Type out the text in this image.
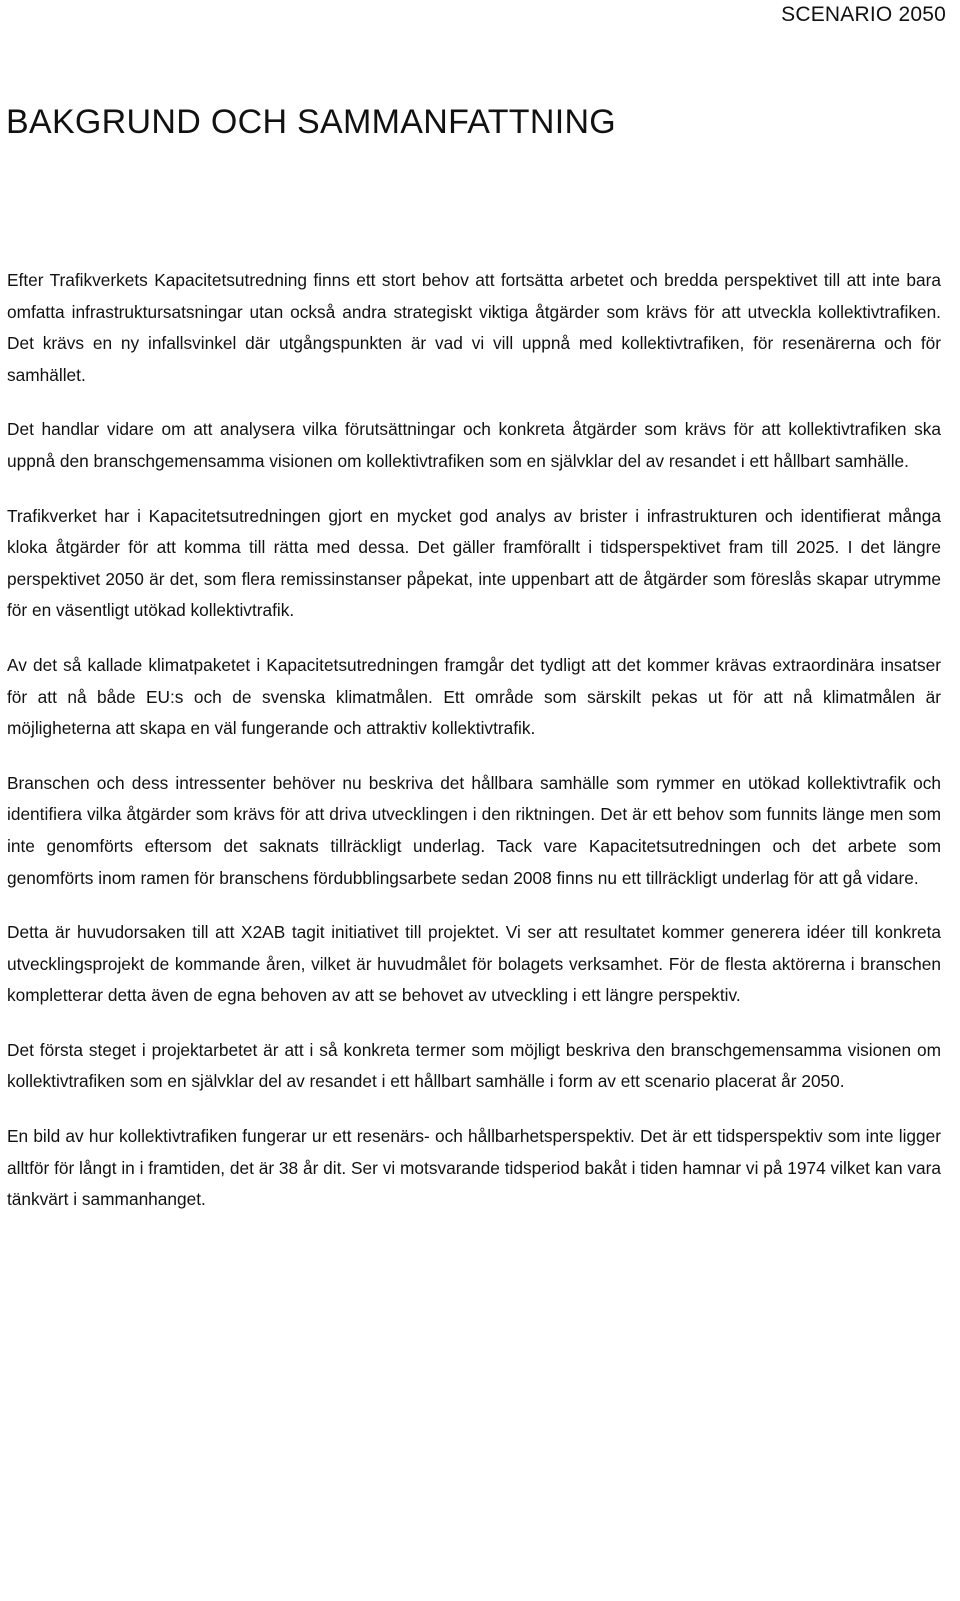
SCENARIO 2050
BAKGRUND OCH SAMMANFATTNING

Efter Trafikverkets Kapacitetsutredning finns ett stort behov att fortsätta arbetet och bredda perspektivet till att inte bara omfatta infrastruktursatsningar utan också andra strategiskt viktiga åtgärder som krävs för att utveckla kollektivtrafiken. Det krävs en ny infallsvinkel där utgångspunkten är vad vi vill uppnå med kollektivtrafiken, för resenärerna och för samhället.

Det handlar vidare om att analysera vilka förutsättningar och konkreta åtgärder som krävs för att kollektivtrafiken ska uppnå den branschgemensamma visionen om kollektivtrafiken som en självklar del av resandet i ett hållbart samhälle.

Trafikverket har i Kapacitetsutredningen gjort en mycket god analys av brister i infrastrukturen och identifierat många kloka åtgärder för att komma till rätta med dessa. Det gäller framförallt i tidsperspektivet fram till 2025. I det längre perspektivet 2050 är det, som flera remissinstanser påpekat, inte uppenbart att de åtgärder som föreslås skapar utrymme för en väsentligt utökad kollektivtrafik.

Av det så kallade klimatpaketet i Kapacitetsutredningen framgår det tydligt att det kommer krävas extraordinära insatser för att nå både EU:s och de svenska klimatmålen. Ett område som särskilt pekas ut för att nå klimatmålen är möjligheterna att skapa en väl fungerande och attraktiv kollektivtrafik.

Branschen och dess intressenter behöver nu beskriva det hållbara samhälle som rymmer en utökad kollektivtrafik och identifiera vilka åtgärder som krävs för att driva utvecklingen i den riktningen. Det är ett behov som funnits länge men som inte genomförts eftersom det saknats tillräckligt underlag. Tack vare Kapacitetsutredningen och det arbete som genomförts inom ramen för branschens fördubblingsarbete sedan 2008 finns nu ett tillräckligt underlag för att gå vidare.

Detta är huvudorsaken till att X2AB tagit initiativet till projektet. Vi ser att resultatet kommer generera idéer till konkreta utvecklingsprojekt de kommande åren, vilket är huvudmålet för bolagets verksamhet. För de flesta aktörerna i branschen kompletterar detta även de egna behoven av att se behovet av utveckling i ett längre perspektiv.

Det första steget i projektarbetet är att i så konkreta termer som möjligt beskriva den branschgemensamma visionen om kollektivtrafiken som en självklar del av resandet i ett hållbart samhälle i form av ett scenario placerat år 2050.

En bild av hur kollektivtrafiken fungerar ur ett resenärs- och hållbarhetsperspektiv. Det är ett tidsperspektiv som inte ligger alltför för långt in i framtiden, det är 38 år dit. Ser vi motsvarande tidsperiod bakåt i tiden hamnar vi på 1974 vilket kan vara tänkvärt i sammanhanget.
